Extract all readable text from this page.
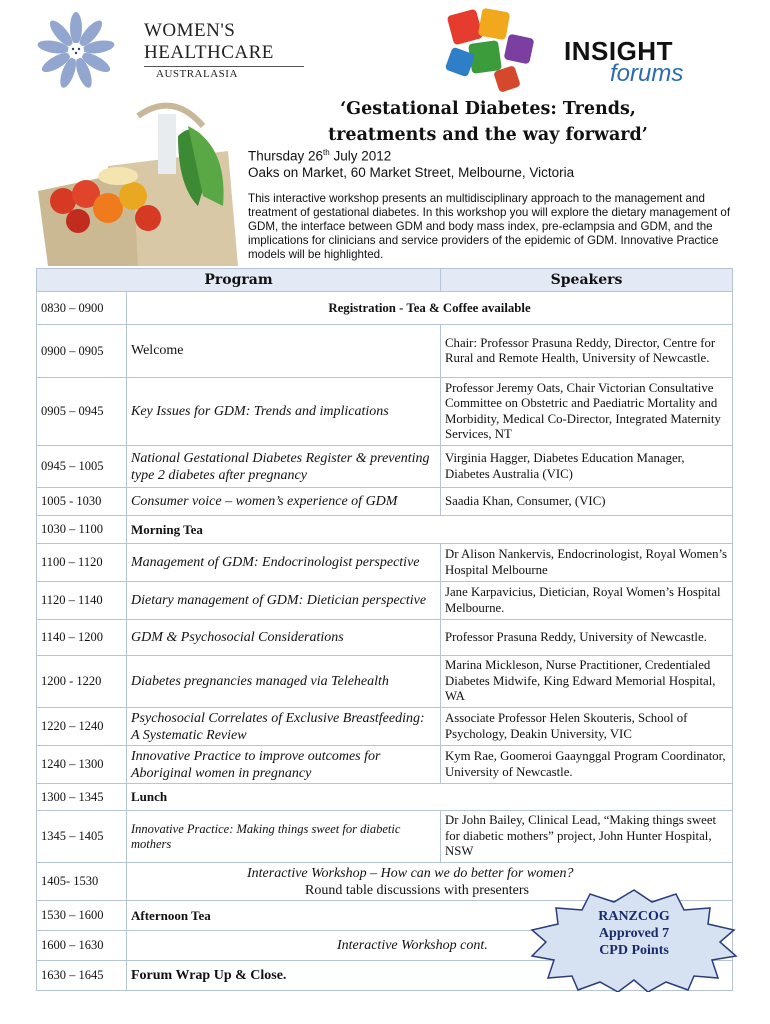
WOMEN'S
HEALTHCARE
AUSTRALASIA
INSIGHT
forums
‘Gestational Diabetes: Trends,
treatments and the way forward’
Thursday 26th July 2012
Oaks on Market, 60 Market Street, Melbourne, Victoria
This interactive workshop presents an multidisciplinary approach to the management and treatment of gestational diabetes. In this workshop you will explore the dietary management of GDM, the interface between GDM and body mass index, pre-eclampsia and GDM, and the implications for clinicians and service providers of the epidemic of GDM. Innovative Practice models will be highlighted.
Program		Speakers
0830 – 0900	Registration - Tea & Coffee available	
0900 – 0905	Welcome	Chair: Professor Prasuna Reddy, Director, Centre for Rural and Remote Health, University of Newcastle.
0905 – 0945	Key Issues for GDM: Trends and implications	Professor Jeremy Oats, Chair Victorian Consultative Committee on Obstetric and Paediatric Mortality and Morbidity, Medical Co-Director, Integrated Maternity Services, NT
0945 – 1005	National Gestational Diabetes Register & preventing type 2 diabetes after pregnancy	Virginia Hagger, Diabetes Education Manager, Diabetes Australia (VIC)
1005 - 1030	Consumer voice – women’s experience of GDM	Saadia Khan, Consumer, (VIC)
1030 – 1100	Morning Tea	
1100 – 1120	Management of GDM: Endocrinologist perspective	Dr Alison Nankervis, Endocrinologist, Royal Women’s Hospital Melbourne
1120 – 1140	Dietary management of GDM: Dietician perspective	Jane Karpavicius, Dietician, Royal Women’s Hospital Melbourne.
1140 – 1200	GDM & Psychosocial Considerations	Professor Prasuna Reddy, University of Newcastle.
1200 - 1220	Diabetes pregnancies managed via Telehealth	Marina Mickleson, Nurse Practitioner, Credentialed Diabetes Midwife, King Edward Memorial Hospital, WA
1220 – 1240	Psychosocial Correlates of Exclusive Breastfeeding: A Systematic Review	Associate Professor Helen Skouteris, School of Psychology, Deakin University, VIC
1240 – 1300	Innovative Practice to improve outcomes for Aboriginal women in pregnancy	Kym Rae, Goomeroi Gaaynggal Program Coordinator, University of Newcastle.
1300 – 1345	Lunch	
1345 – 1405	Innovative Practice: Making things sweet for diabetic mothers	Dr John Bailey, Clinical Lead, “Making things sweet for diabetic mothers” project, John Hunter Hospital, NSW
1405- 1530	Interactive Workshop – How can we do better for women?
Round table discussions with presenters	

1530 – 1600	Afternoon Tea	
1600 – 1630	Interactive Workshop cont.	
1630 – 1645	Forum Wrap Up & Close.	
RANZCOG
Approved 7
CPD Points
